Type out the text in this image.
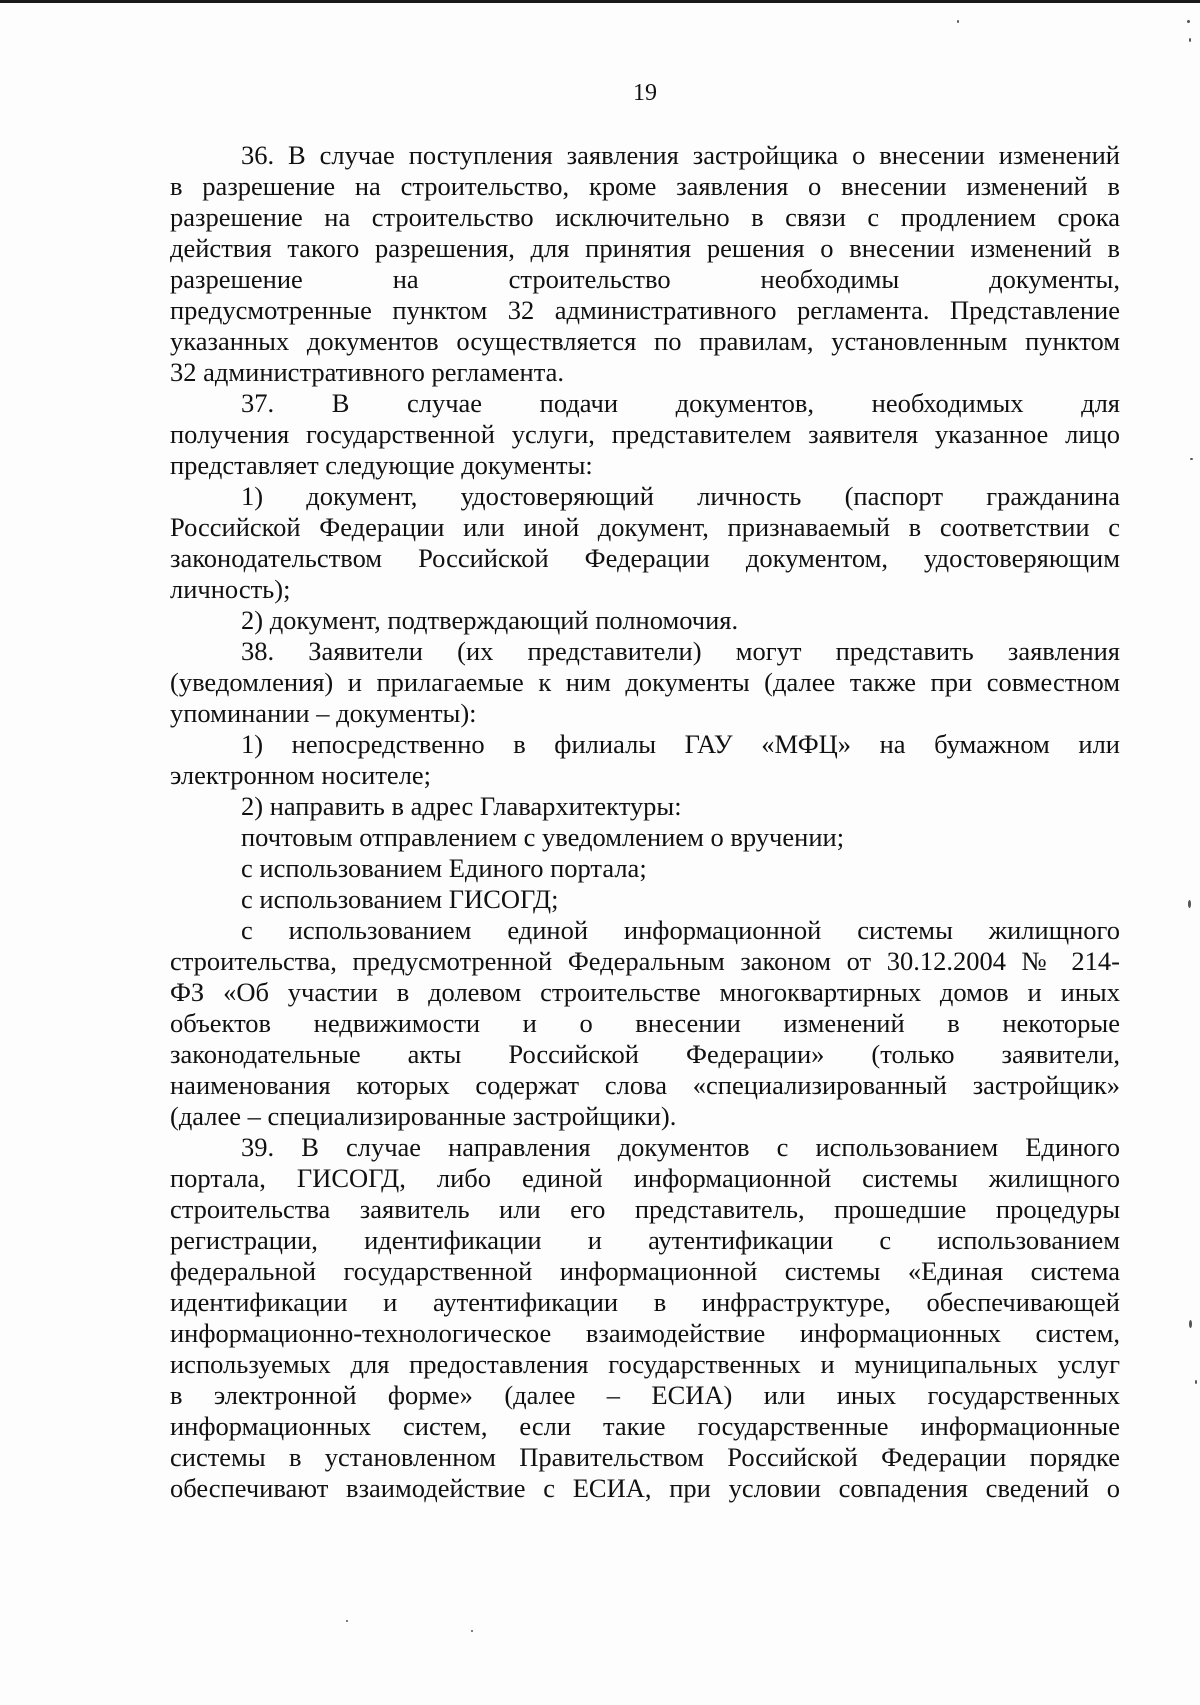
19
36. В случае поступления заявления застройщика о внесении изменений
в разрешение на строительство, кроме заявления о внесении изменений в
разрешение на строительство исключительно в связи с продлением срока
действия такого разрешения, для принятия решения о внесении изменений в
разрешение на строительство необходимы документы,
предусмотренные пунктом 32 административного регламента. Представление
указанных документов осуществляется по правилам, установленным пунктом
32 административного регламента.
37. В случае подачи документов, необходимых для
получения государственной услуги, представителем заявителя указанное лицо
представляет следующие документы:
1) документ, удостоверяющий личность (паспорт гражданина
Российской Федерации или иной документ, признаваемый в соответствии с
законодательством Российской Федерации документом, удостоверяющим
личность);
2) документ, подтверждающий полномочия.
38. Заявители (их представители) могут представить заявления
(уведомления) и прилагаемые к ним документы (далее также при совместном
упоминании – документы):
1) непосредственно в филиалы ГАУ «МФЦ» на бумажном или
электронном носителе;
2) направить в адрес Главархитектуры:
почтовым отправлением с уведомлением о вручении;
с использованием Единого портала;
с использованием ГИСОГД;
с использованием единой информационной системы жилищного
строительства, предусмотренной Федеральным законом от 30.12.2004 № 214-
ФЗ «Об участии в долевом строительстве многоквартирных домов и иных
объектов недвижимости и о внесении изменений в некоторые
законодательные акты Российской Федерации» (только заявители,
наименования которых содержат слова «специализированный застройщик»
(далее – специализированные застройщики).
39. В случае направления документов с использованием Единого
портала, ГИСОГД, либо единой информационной системы жилищного
строительства заявитель или его представитель, прошедшие процедуры
регистрации, идентификации и аутентификации с использованием
федеральной государственной информационной системы «Единая система
идентификации и аутентификации в инфраструктуре, обеспечивающей
информационно-технологическое взаимодействие информационных систем,
используемых для предоставления государственных и муниципальных услуг
в электронной форме» (далее – ЕСИА) или иных государственных
информационных систем, если такие государственные информационные
системы в установленном Правительством Российской Федерации порядке
обеспечивают взаимодействие с ЕСИА, при условии совпадения сведений о
